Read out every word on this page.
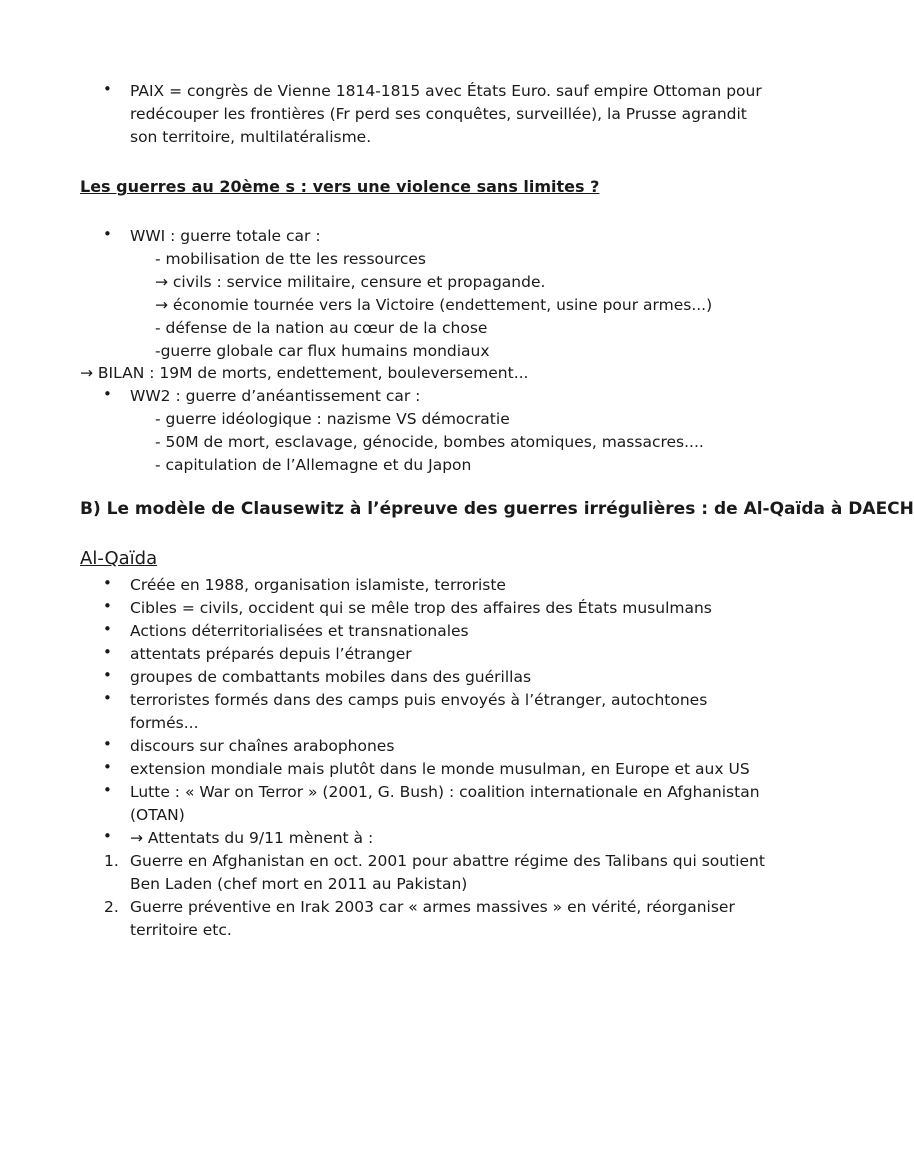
• PAIX = congrès de Vienne 1814-1815 avec États Euro. sauf empire Ottoman pour
redécouper les frontières (Fr perd ses conquêtes, surveillée), la Prusse agrandit
son territoire, multilatéralisme.
Les guerres au 20ème s : vers une violence sans limites ?
• WWI : guerre totale car :
- mobilisation de tte les ressources
→ civils : service militaire, censure et propagande.
→ économie tournée vers la Victoire (endettement, usine pour armes...)
- défense de la nation au cœur de la chose
-guerre globale car flux humains mondiaux
→ BILAN : 19M de morts, endettement, bouleversement...
• WW2 : guerre d’anéantissement car :
- guerre idéologique : nazisme VS démocratie
- 50M de mort, esclavage, génocide, bombes atomiques, massacres....
- capitulation de l’Allemagne et du Japon
B) Le modèle de Clausewitz à l’épreuve des guerres irrégulières : de Al-Qaïda à DAECH
Al-Qaïda
• Créée en 1988, organisation islamiste, terroriste
• Cibles = civils, occident qui se mêle trop des affaires des États musulmans
• Actions déterritorialisées et transnationales
• attentats préparés depuis l’étranger
• groupes de combattants mobiles dans des guérillas
• terroristes formés dans des camps puis envoyés à l’étranger, autochtones
formés...
• discours sur chaînes arabophones
• extension mondiale mais plutôt dans le monde musulman, en Europe et aux US
• Lutte : « War on Terror » (2001, G. Bush) : coalition internationale en Afghanistan
(OTAN)
• → Attentats du 9/11 mènent à :
1. Guerre en Afghanistan en oct. 2001 pour abattre régime des Talibans qui soutient
Ben Laden (chef mort en 2011 au Pakistan)
2. Guerre préventive en Irak 2003 car « armes massives » en vérité, réorganiser
territoire etc.
